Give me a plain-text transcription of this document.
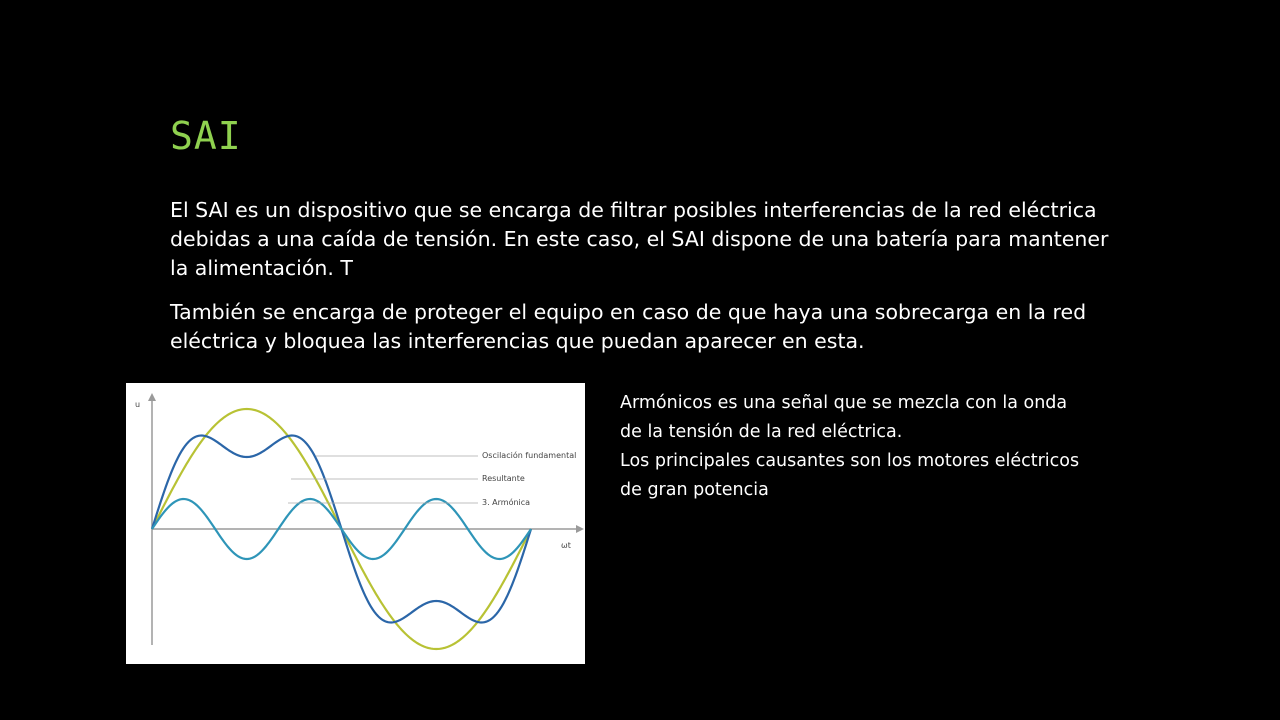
SAI

El SAI es un dispositivo que se encarga de filtrar posibles interferencias de la red eléctrica debidas a una caída de tensión. En este caso, el SAI dispone de una batería para mantener la alimentación. T

También se encarga de proteger el equipo en caso de que haya una sobrecarga en la red eléctrica y bloquea las interferencias que puedan aparecer en esta.

u
ωt
Oscilación fundamental
Resultante
3. Armónica

Armónicos es una señal que se mezcla con la onda de la tensión de la red eléctrica.

Los principales causantes son los motores eléctricos de gran potencia
